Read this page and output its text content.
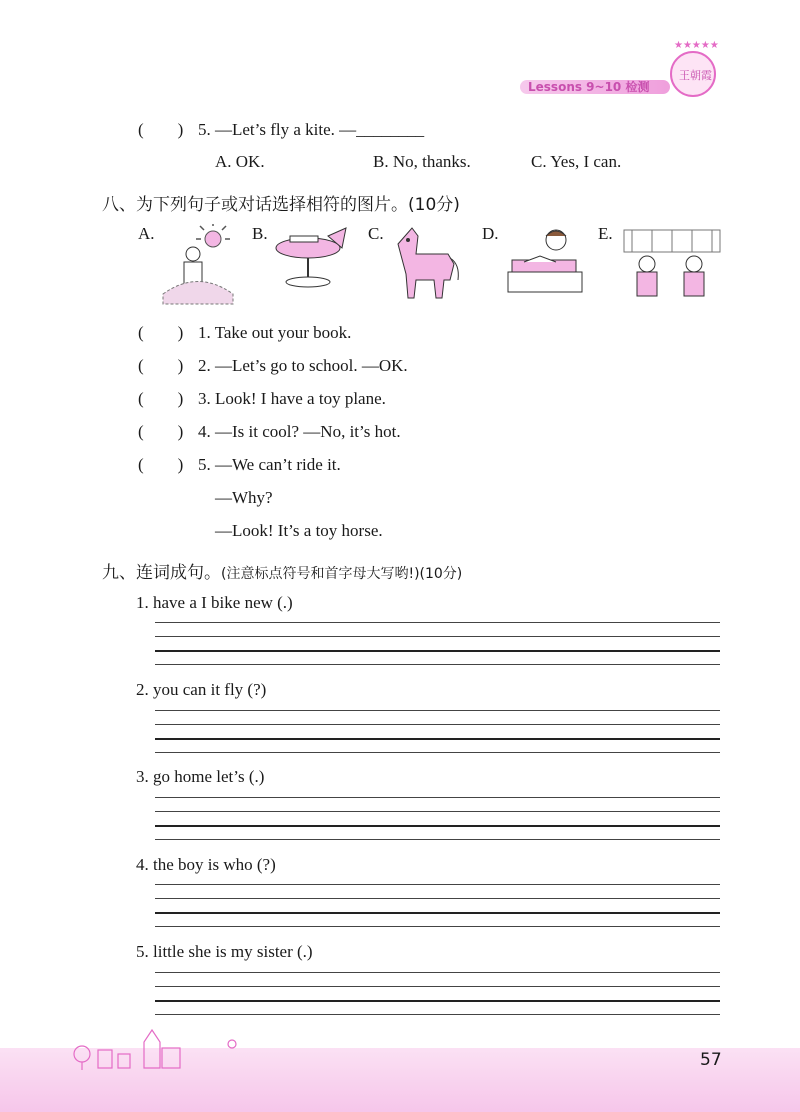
Lessons 9~10 检测
★★★★★
王朝霞
(        ) 5. —Let’s fly a kite. —________
A. OK.	B. No, thanks.	C. Yes, I can.
八、为下列句子或对话选择相符的图片。(10分)
A.	B.	C.	D.	E.
(        ) 1. Take out your book.
(        ) 2. —Let’s go to school. —OK.
(        ) 3. Look! I have a toy plane.
(        ) 4. —Is it cool? —No, it’s hot.
(        ) 5. —We can’t ride it.
—Why?
—Look! It’s a toy horse.
九、连词成句。(注意标点符号和首字母大写哟!)(10分)
1. have a I bike new (.)
2. you can it fly (?)
3. go home let’s (.)
4. the boy is who (?)
5. little she is my sister (.)
57
